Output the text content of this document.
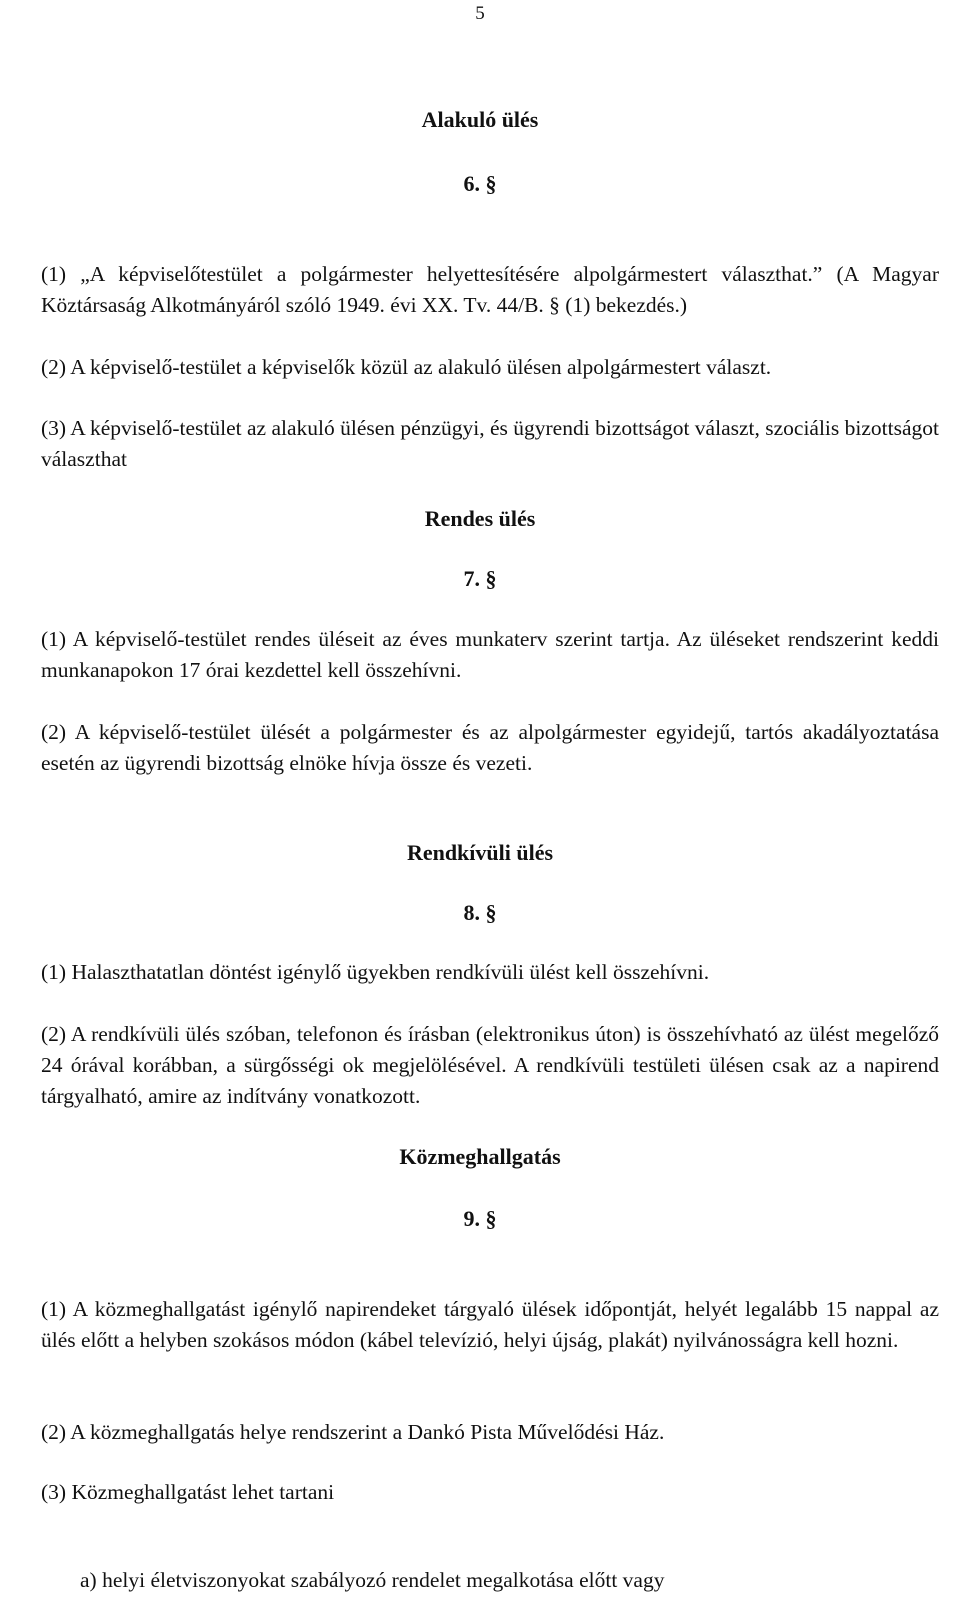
5
Alakuló ülés
6. §
(1) „A képviselőtestület a polgármester helyettesítésére alpolgármestert választhat.” (A Magyar Köztársaság Alkotmányáról szóló 1949. évi XX. Tv. 44/B. § (1) bekezdés.)
(2) A képviselő-testület a képviselők közül az alakuló ülésen alpolgármestert választ.
(3) A képviselő-testület az alakuló ülésen pénzügyi, és ügyrendi bizottságot választ, szociális bizottságot választhat
Rendes ülés
7. §
(1) A képviselő-testület rendes üléseit az éves munkaterv szerint tartja. Az üléseket rendszerint keddi munkanapokon 17 órai kezdettel kell összehívni.
(2) A képviselő-testület ülését a polgármester és az alpolgármester egyidejű, tartós akadályoztatása esetén az ügyrendi bizottság elnöke hívja össze és vezeti.
Rendkívüli ülés
8. §
(1) Halaszthatatlan döntést igénylő ügyekben rendkívüli ülést kell összehívni.
(2) A rendkívüli ülés szóban, telefonon és írásban (elektronikus úton) is összehívható az ülést megelőző 24 órával korábban, a sürgősségi ok megjelölésével. A rendkívüli testületi ülésen csak az a napirend tárgyalható, amire az indítvány vonatkozott.
Közmeghallgatás
9. §
(1) A közmeghallgatást igénylő napirendeket tárgyaló ülések időpontját, helyét legalább 15 nappal az ülés előtt a helyben szokásos módon (kábel televízió, helyi újság, plakát) nyilvánosságra kell hozni.
(2) A közmeghallgatás helye rendszerint a Dankó Pista Művelődési Ház.
(3) Közmeghallgatást lehet tartani
a) helyi életviszonyokat szabályozó rendelet megalkotása előtt vagy
